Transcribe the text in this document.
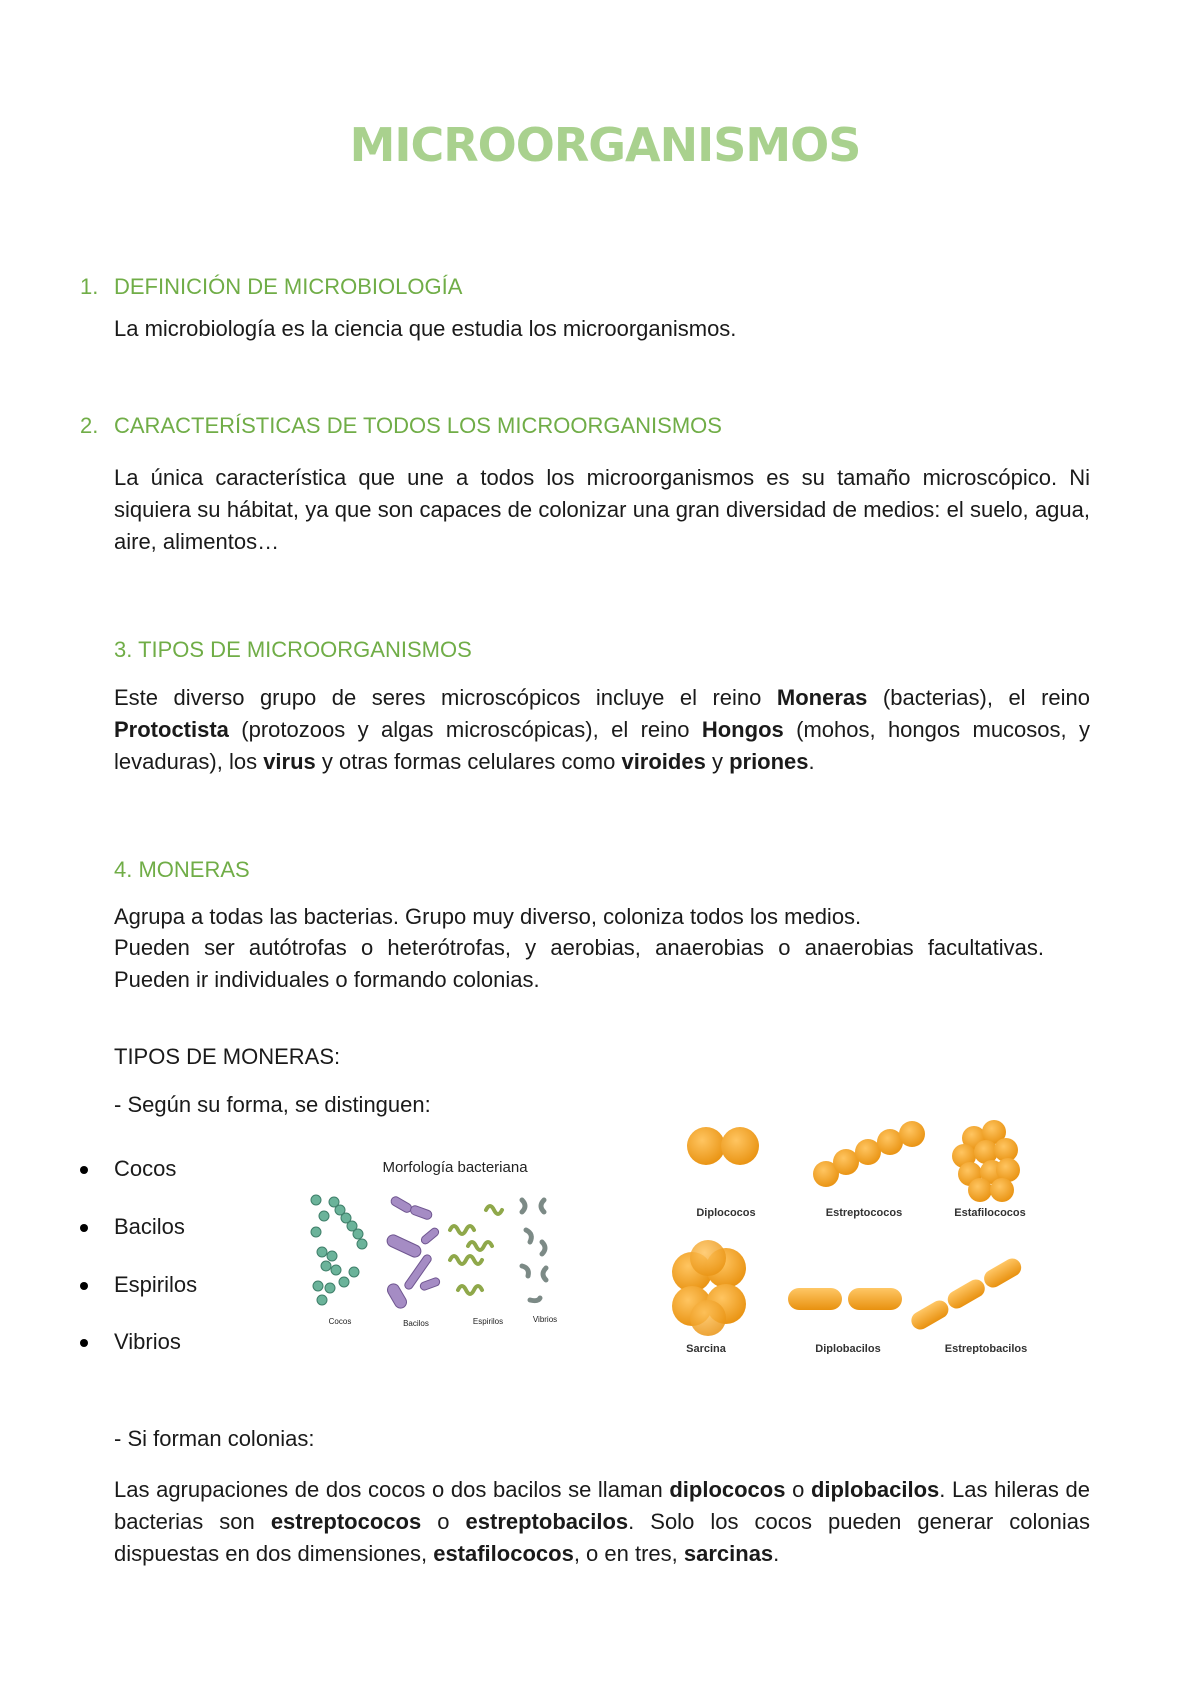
MICROORGANISMOS
1. DEFINICIÓN DE MICROBIOLOGÍA
La microbiología es la ciencia que estudia los microorganismos.
2. CARACTERÍSTICAS DE TODOS LOS MICROORGANISMOS
La única característica que une a todos los microorganismos es su tamaño microscópico. Ni siquiera su hábitat, ya que son capaces de colonizar una gran diversidad de medios: el suelo, agua, aire, alimentos…
3. TIPOS DE MICROORGANISMOS
Este diverso grupo de seres microscópicos incluye el reino Moneras (bacterias), el reino Protoctista (protozoos y algas microscópicas), el reino Hongos (mohos, hongos mucosos, y levaduras), los virus y otras formas celulares como viroides y priones.
4. MONERAS
Agrupa a todas las bacterias. Grupo muy diverso, coloniza todos los medios.
Pueden ser autótrofas o heterótrofas, y aerobias, anaerobias o anaerobias facultativas. Pueden ir individuales o formando colonias.
TIPOS DE MONERAS:
- Según su forma, se distinguen:
Cocos
Bacilos
Espirilos
Vibrios
Morfología bacteriana
Cocos	Bacilos	Espirilos	Vibrios
Diplococos	Estreptococos	Estafilococos
Sarcina	Diplobacilos	Estreptobacilos
- Si forman colonias:
Las agrupaciones de dos cocos o dos bacilos se llaman diplococos o diplobacilos. Las hileras de bacterias son estreptococos o estreptobacilos. Solo los cocos pueden generar colonias dispuestas en dos dimensiones, estafilococos, o en tres, sarcinas.
